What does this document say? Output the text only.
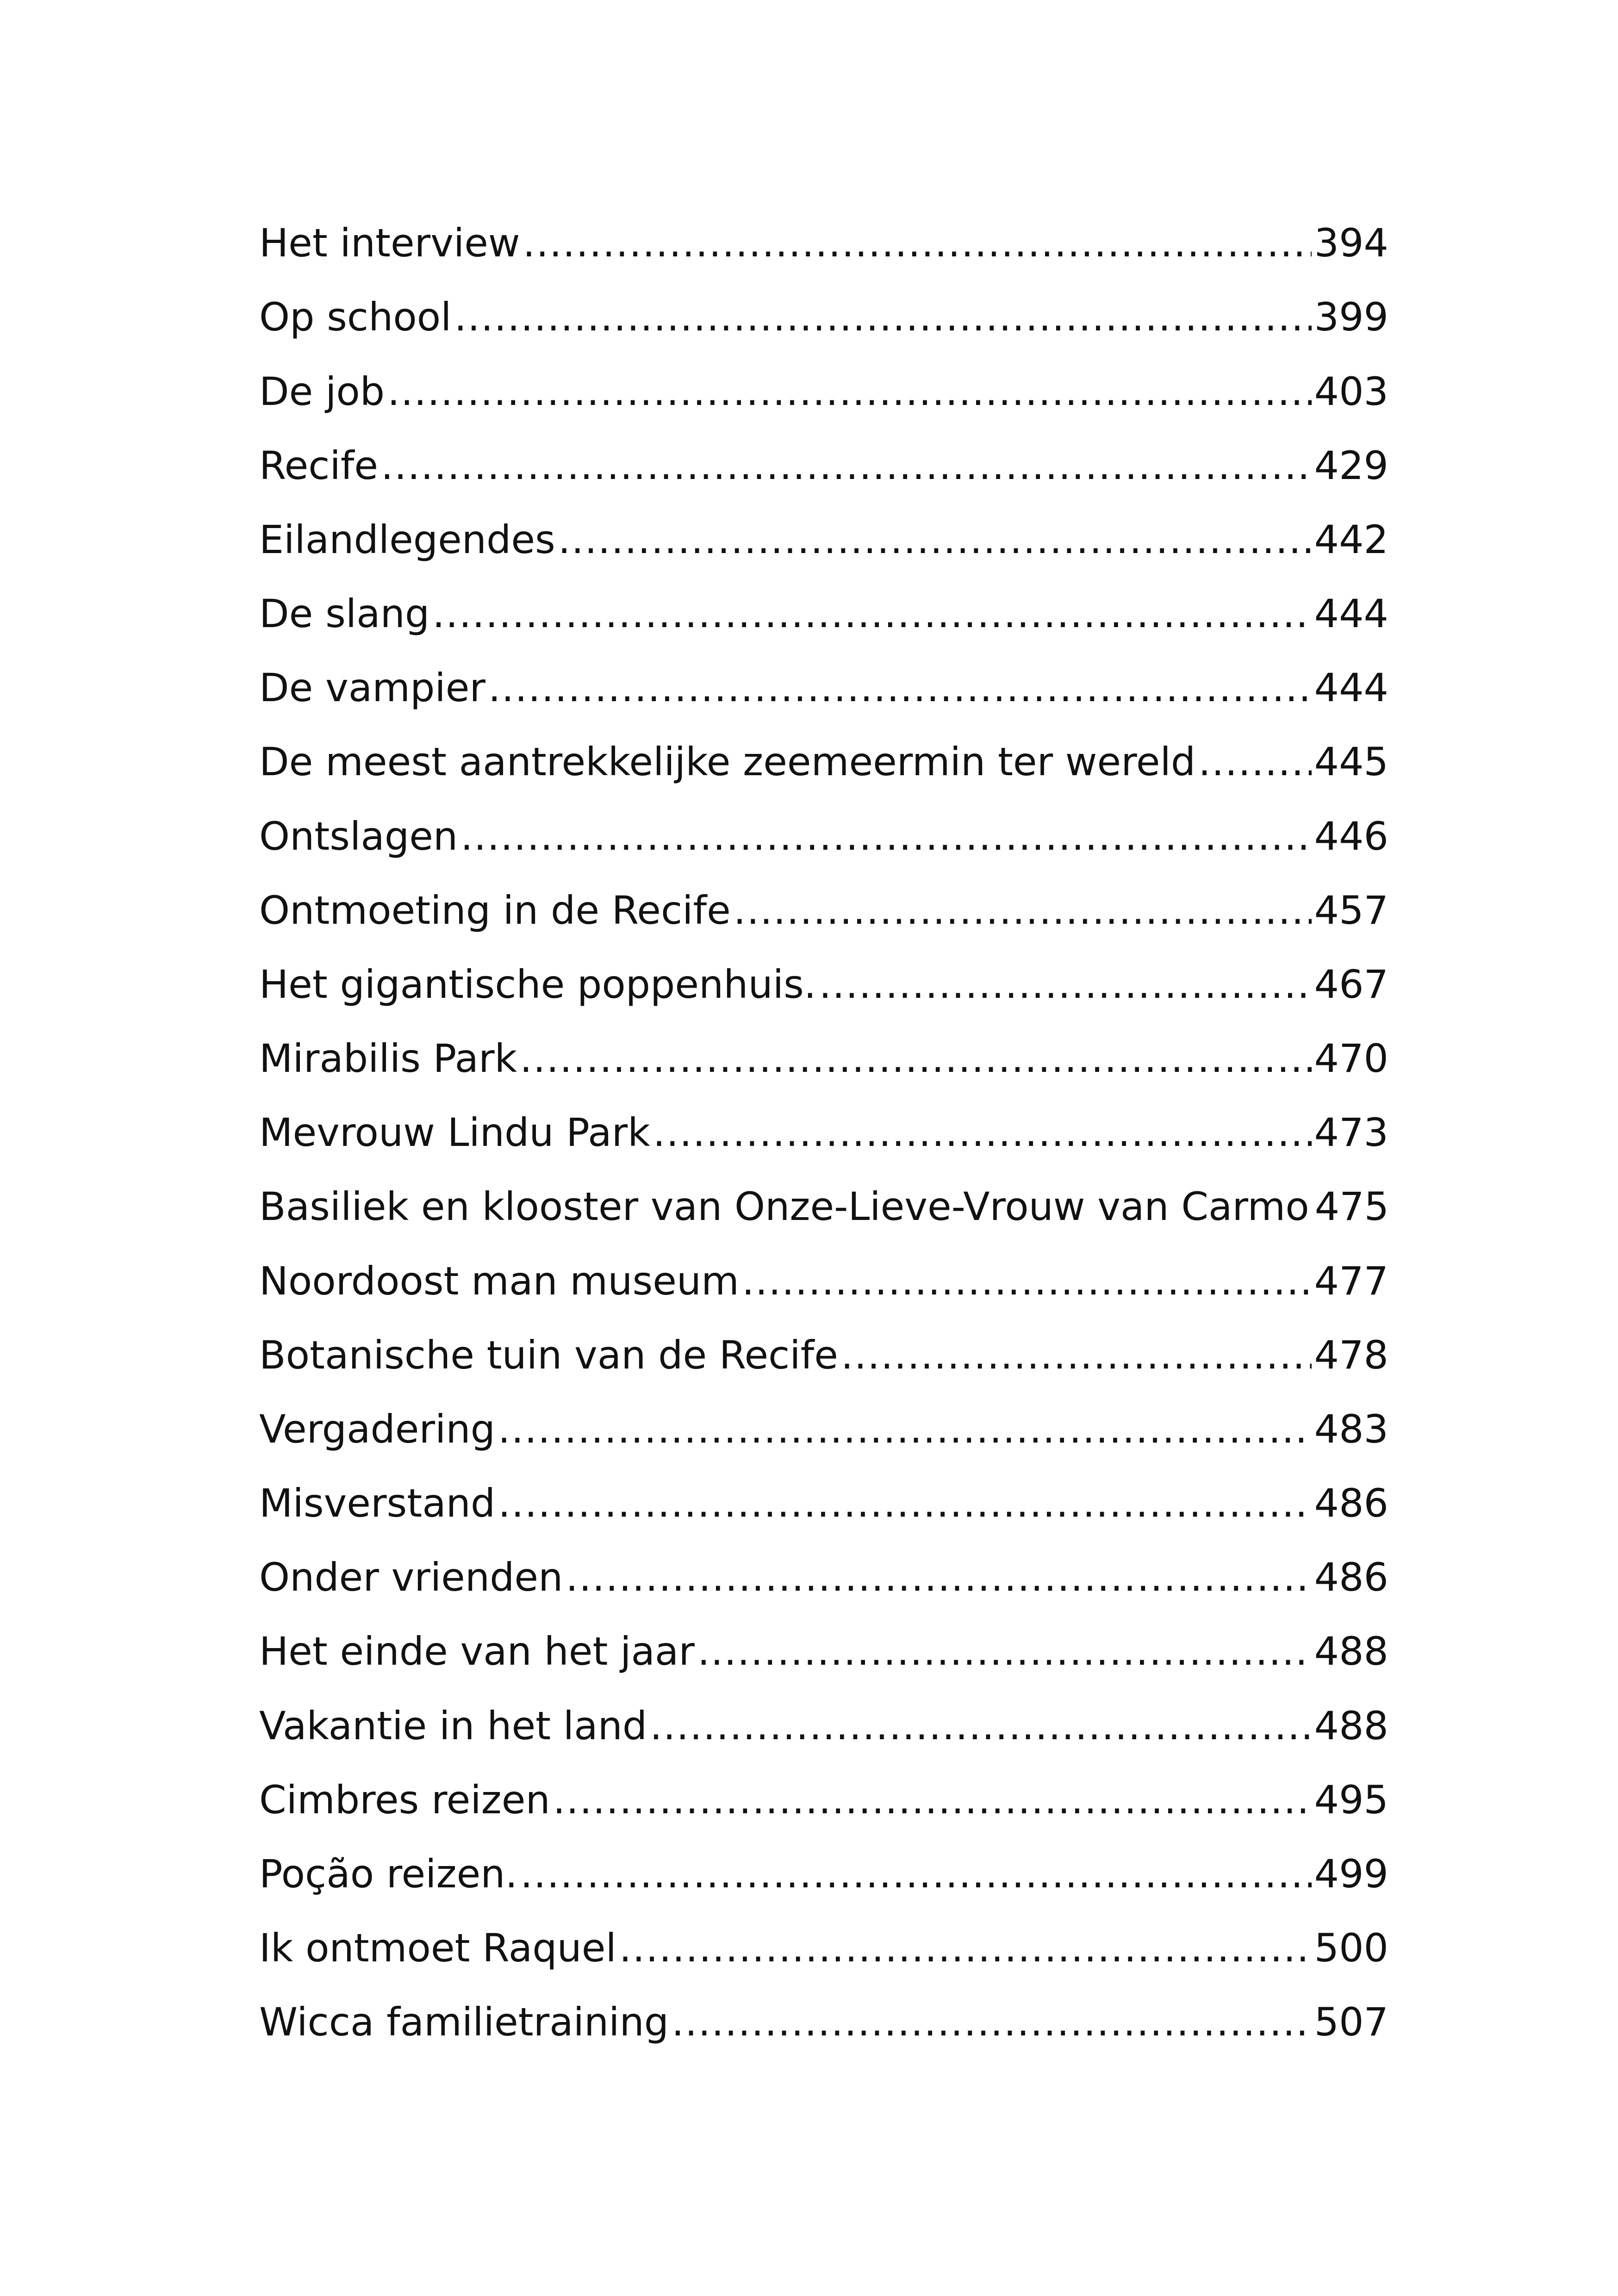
Het interview .....	394
Op school .....	399
De job .....	403
Recife .....	429
Eilandlegendes .....	442
De slang .....	444
De vampier .....	444
De meest aantrekkelijke zeemeermin ter wereld .....	445
Ontslagen .....	446
Ontmoeting in de Recife .....	457
Het gigantische poppenhuis. .....	467
Mirabilis Park .....	470
Mevrouw Lindu Park .....	473
Basiliek en klooster van Onze-Lieve-Vrouw van Carmo 475
Noordoost man museum .....	477
Botanische tuin van de Recife .....	478
Vergadering .....	483
Misverstand .....	486
Onder vrienden .....	486
Het einde van het jaar .....	488
Vakantie in het land .....	488
Cimbres reizen .....	495
Poção reizen. .....	499
Ik ontmoet Raquel .....	500
Wicca familietraining .....	507
